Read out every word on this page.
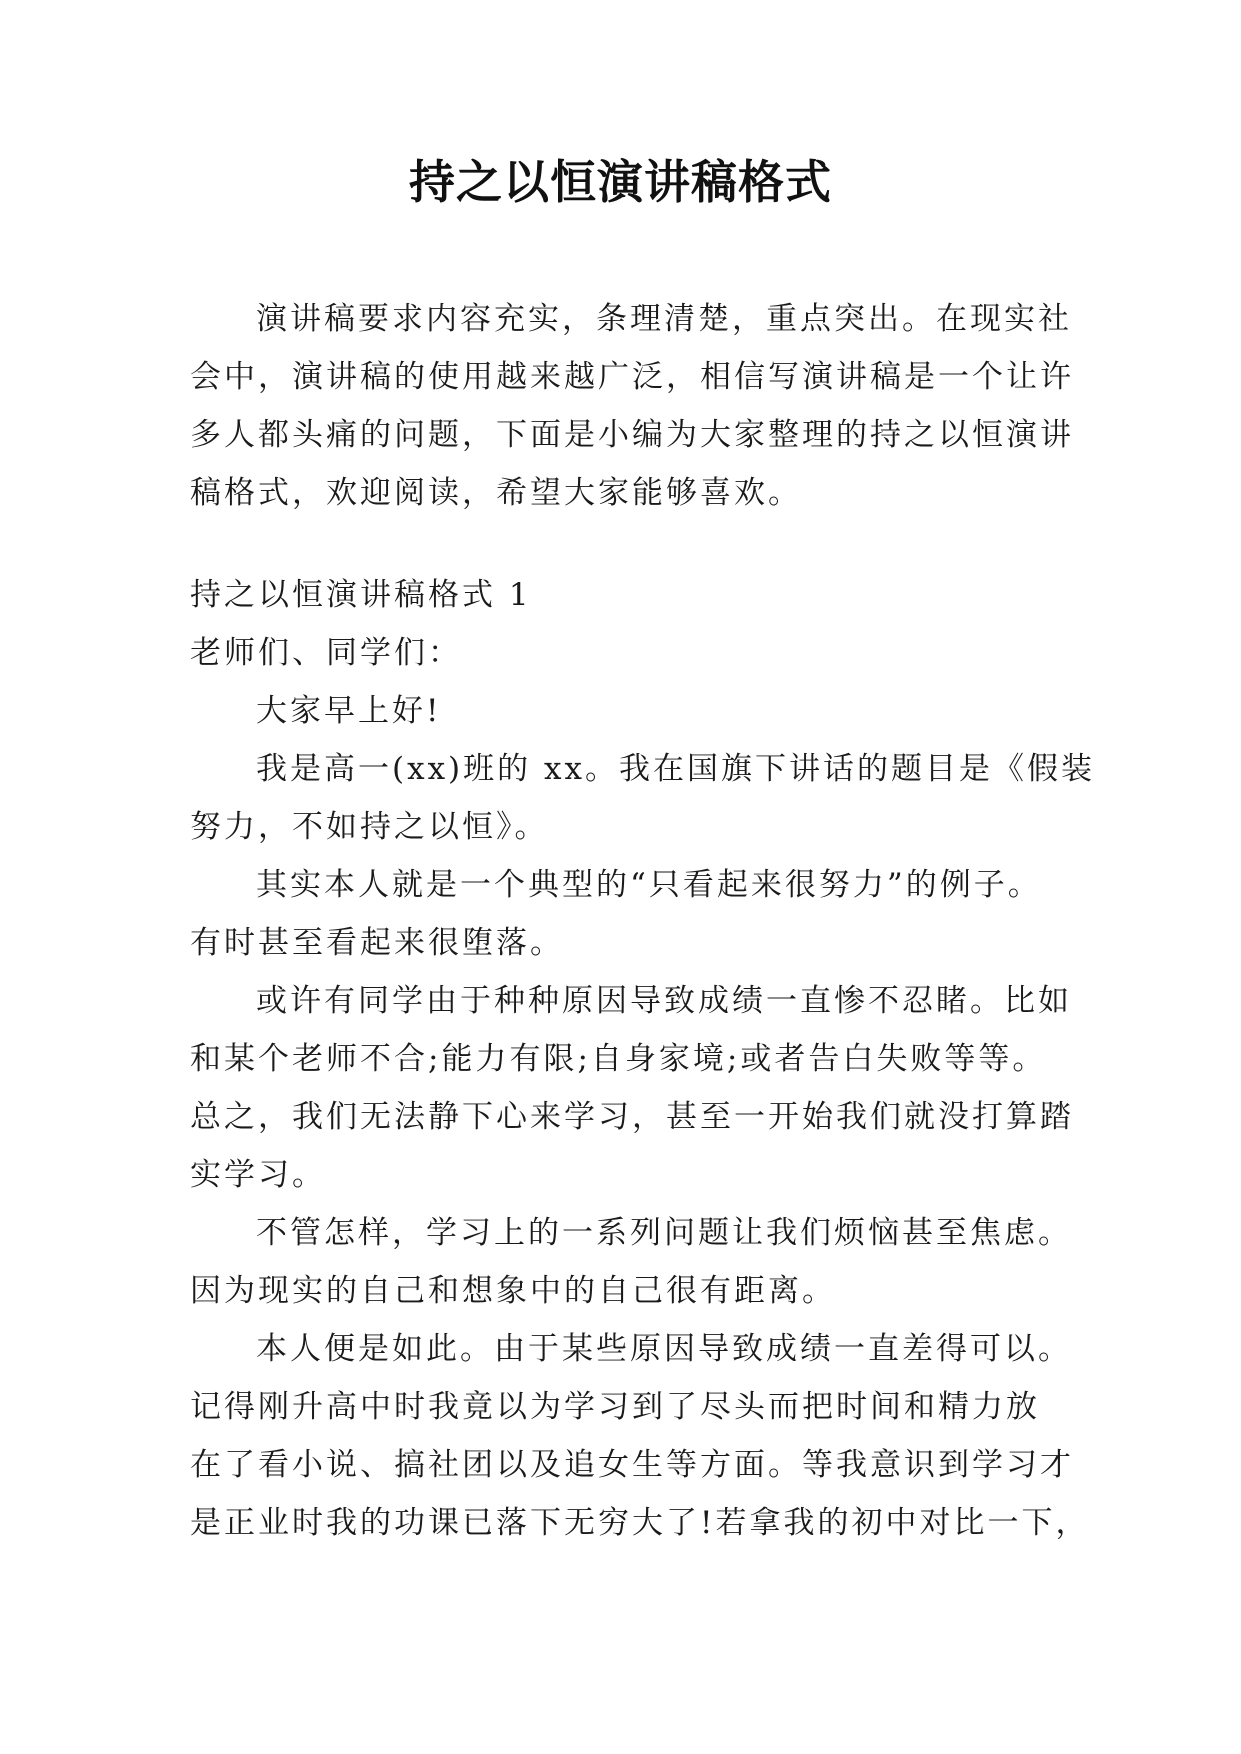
持之以恒演讲稿格式
演讲稿要求内容充实，条理清楚，重点突出。在现实社
会中，演讲稿的使用越来越广泛，相信写演讲稿是一个让许
多人都头痛的问题，下面是小编为大家整理的持之以恒演讲
稿格式，欢迎阅读，希望大家能够喜欢。
持之以恒演讲稿格式 1
老师们、同学们：
大家早上好!
我是高一(xx)班的 xx。我在国旗下讲话的题目是《假装
努力，不如持之以恒》。
其实本人就是一个典型的“只看起来很努力”的例子。
有时甚至看起来很堕落。
或许有同学由于种种原因导致成绩一直惨不忍睹。比如
和某个老师不合;能力有限;自身家境;或者告白失败等等。
总之，我们无法静下心来学习，甚至一开始我们就没打算踏
实学习。
不管怎样，学习上的一系列问题让我们烦恼甚至焦虑。
因为现实的自己和想象中的自己很有距离。
本人便是如此。由于某些原因导致成绩一直差得可以。
记得刚升高中时我竟以为学习到了尽头而把时间和精力放
在了看小说、搞社团以及追女生等方面。等我意识到学习才
是正业时我的功课已落下无穷大了!若拿我的初中对比一下，
